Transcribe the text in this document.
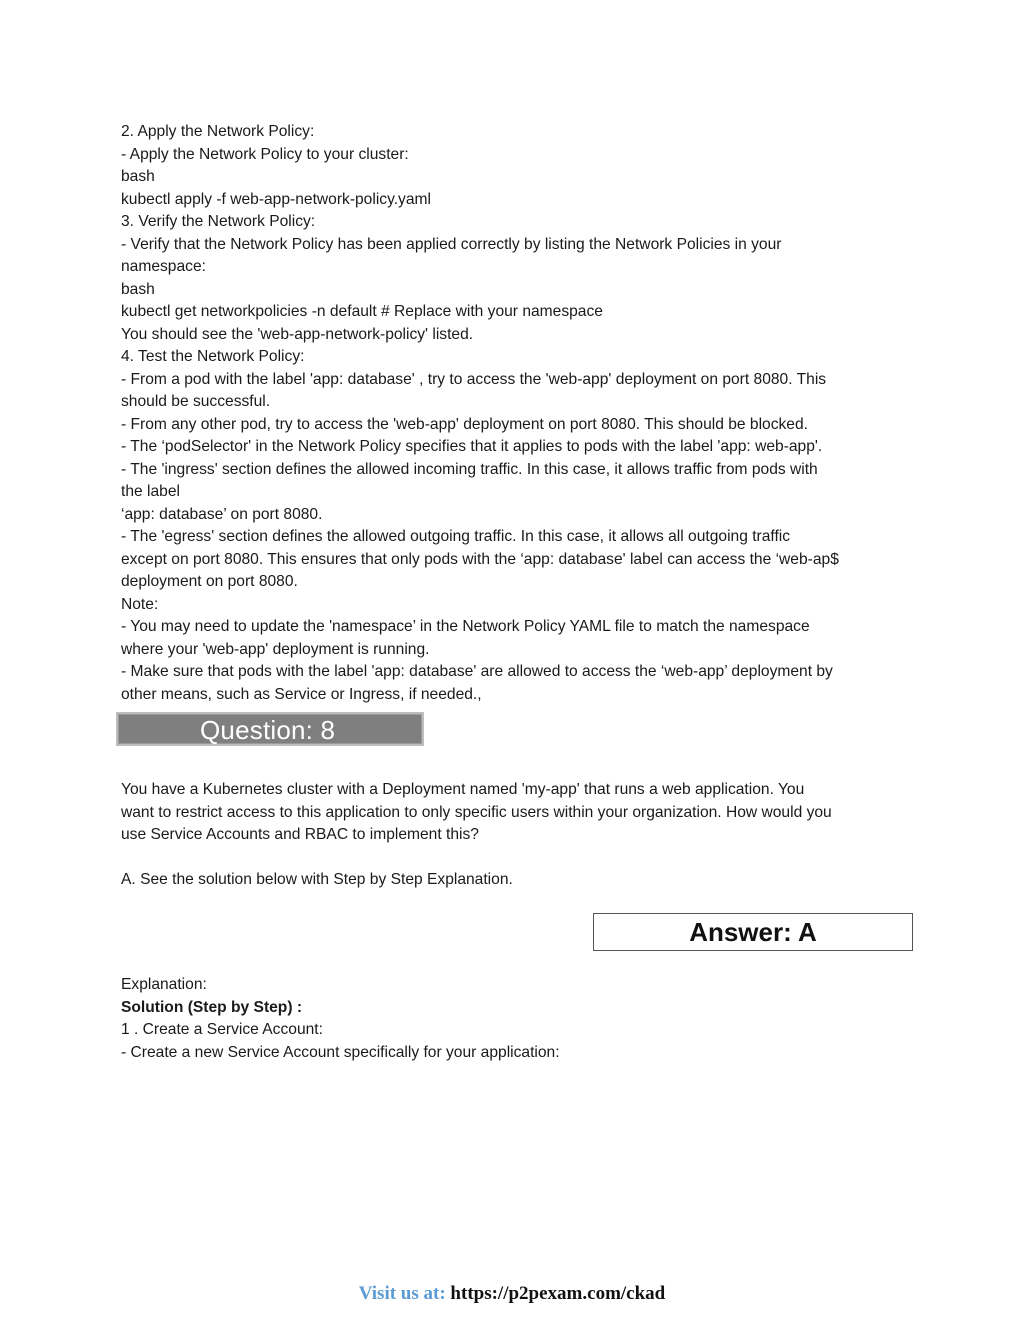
2. Apply the Network Policy:
- Apply the Network Policy to your cluster:
bash
kubectl apply -f web-app-network-policy.yaml
3. Verify the Network Policy:
- Verify that the Network Policy has been applied correctly by listing the Network Policies in your
namespace:
bash
kubectl get networkpolicies -n default # Replace with your namespace
You should see the 'web-app-network-policy' listed.
4. Test the Network Policy:
- From a pod with the label 'app: database' , try to access the 'web-app' deployment on port 8080. This
should be successful.
- From any other pod, try to access the 'web-app' deployment on port 8080. This should be blocked.
- The ‘podSelector' in the Network Policy specifies that it applies to pods with the label 'app: web-app'.
- The 'ingress' section defines the allowed incoming traffic. In this case, it allows traffic from pods with
the label
‘app: database’ on port 8080.
- The 'egress' section defines the allowed outgoing traffic. In this case, it allows all outgoing traffic
except on port 8080. This ensures that only pods with the ‘app: database' label can access the ‘web-ap$
deployment on port 8080.
Note:
- You may need to update the 'namespace’ in the Network Policy YAML file to match the namespace
where your 'web-app' deployment is running.
- Make sure that pods with the label 'app: database' are allowed to access the ‘web-app’ deployment by
other means, such as Service or Ingress, if needed.,
Question: 8
You have a Kubernetes cluster with a Deployment named 'my-app' that runs a web application. You
want to restrict access to this application to only specific users within your organization. How would you
use Service Accounts and RBAC to implement this?
A. See the solution below with Step by Step Explanation.
Answer: A
Explanation:
Solution (Step by Step) :
1 . Create a Service Account:
- Create a new Service Account specifically for your application:
Visit us at: https://p2pexam.com/ckad
